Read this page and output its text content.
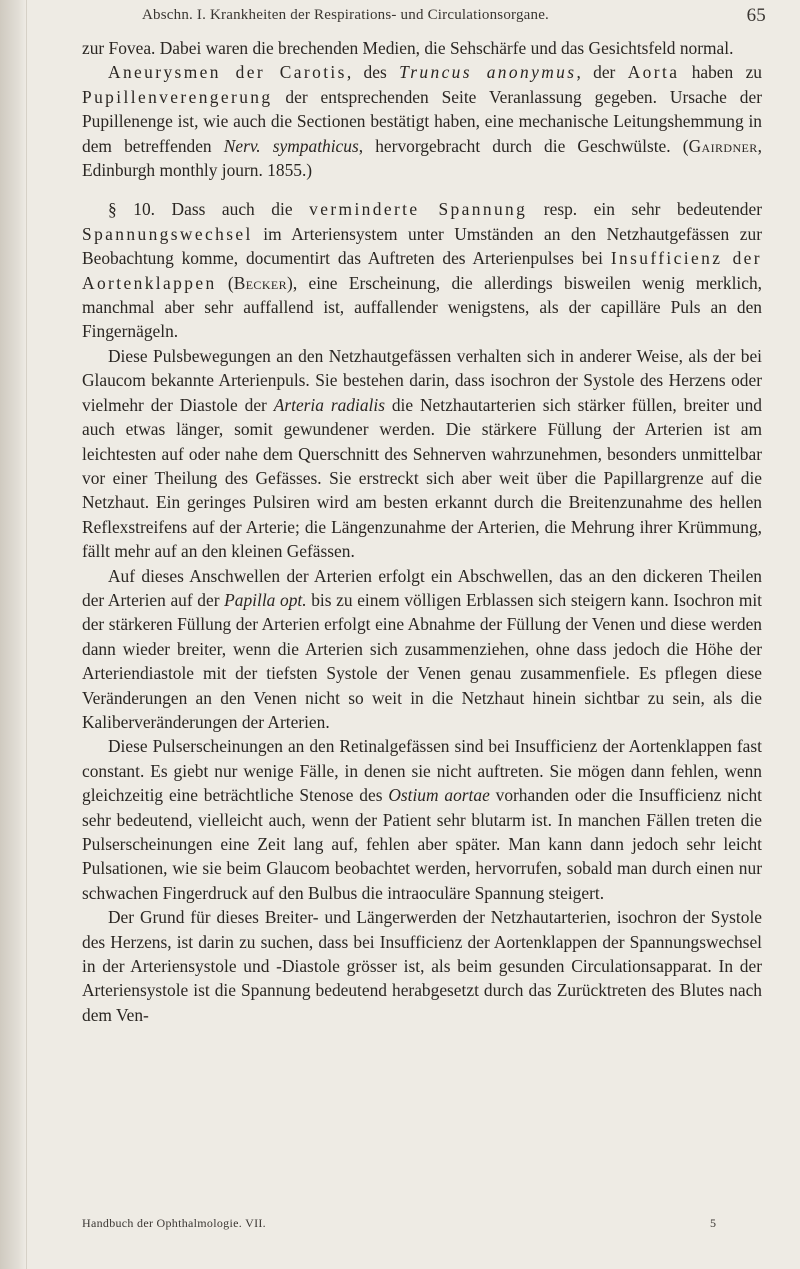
Abschn. I. Krankheiten der Respirations- und Circulationsorgane.	65

zur Fovea. Dabei waren die brechenden Medien, die Sehschärfe und das Gesichtsfeld normal.

Aneurysmen der Carotis, des Truncus anonymus, der Aorta haben zu Pupillenverengerung der entsprechenden Seite Veranlassung gegeben. Ursache der Pupillenenge ist, wie auch die Sectionen bestätigt haben, eine mechanische Leitungshemmung in dem betreffenden Nerv. sympathicus, hervorgebracht durch die Geschwülste. (Gairdner, Edinburgh monthly journ. 1855.)

§ 10. Dass auch die verminderte Spannung resp. ein sehr bedeutender Spannungswechsel im Arteriensystem unter Umständen an den Netzhautgefässen zur Beobachtung komme, documentirt das Auftreten des Arterienpulses bei Insufficienz der Aortenklappen (Becker), eine Erscheinung, die allerdings bisweilen wenig merklich, manchmal aber sehr auffallend ist, auffallender wenigstens, als der capilläre Puls an den Fingernägeln.

Diese Pulsbewegungen an den Netzhautgefässen verhalten sich in anderer Weise, als der bei Glaucom bekannte Arterienpuls. Sie bestehen darin, dass isochron der Systole des Herzens oder vielmehr der Diastole der Arteria radialis die Netzhautarterien sich stärker füllen, breiter und auch etwas länger, somit gewundener werden. Die stärkere Füllung der Arterien ist am leichtesten auf oder nahe dem Querschnitt des Sehnerven wahrzunehmen, besonders unmittelbar vor einer Theilung des Gefässes. Sie erstreckt sich aber weit über die Papillargrenze auf die Netzhaut. Ein geringes Pulsiren wird am besten erkannt durch die Breitenzunahme des hellen Reflexstreifens auf der Arterie; die Längenzunahme der Arterien, die Mehrung ihrer Krümmung, fällt mehr auf an den kleinen Gefässen.

Auf dieses Anschwellen der Arterien erfolgt ein Abschwellen, das an den dickeren Theilen der Arterien auf der Papilla opt. bis zu einem völligen Erblassen sich steigern kann. Isochron mit der stärkeren Füllung der Arterien erfolgt eine Abnahme der Füllung der Venen und diese werden dann wieder breiter, wenn die Arterien sich zusammenziehen, ohne dass jedoch die Höhe der Arteriendiastole mit der tiefsten Systole der Venen genau zusammenfiele. Es pflegen diese Veränderungen an den Venen nicht so weit in die Netzhaut hinein sichtbar zu sein, als die Kaliberveränderungen der Arterien.

Diese Pulserscheinungen an den Retinalgefässen sind bei Insufficienz der Aortenklappen fast constant. Es giebt nur wenige Fälle, in denen sie nicht auftreten. Sie mögen dann fehlen, wenn gleichzeitig eine beträchtliche Stenose des Ostium aortae vorhanden oder die Insufficienz nicht sehr bedeutend, vielleicht auch, wenn der Patient sehr blutarm ist. In manchen Fällen treten die Pulserscheinungen eine Zeit lang auf, fehlen aber später. Man kann dann jedoch sehr leicht Pulsationen, wie sie beim Glaucom beobachtet werden, hervorrufen, sobald man durch einen nur schwachen Fingerdruck auf den Bulbus die intraoculäre Spannung steigert.

Der Grund für dieses Breiter- und Längerwerden der Netzhautarterien, isochron der Systole des Herzens, ist darin zu suchen, dass bei Insufficienz der Aortenklappen der Spannungswechsel in der Arteriensystole und -Diastole grösser ist, als beim gesunden Circulationsapparat. In der Arteriensystole ist die Spannung bedeutend herabgesetzt durch das Zurücktreten des Blutes nach dem Ven-

Handbuch der Ophthalmologie. VII.	5
